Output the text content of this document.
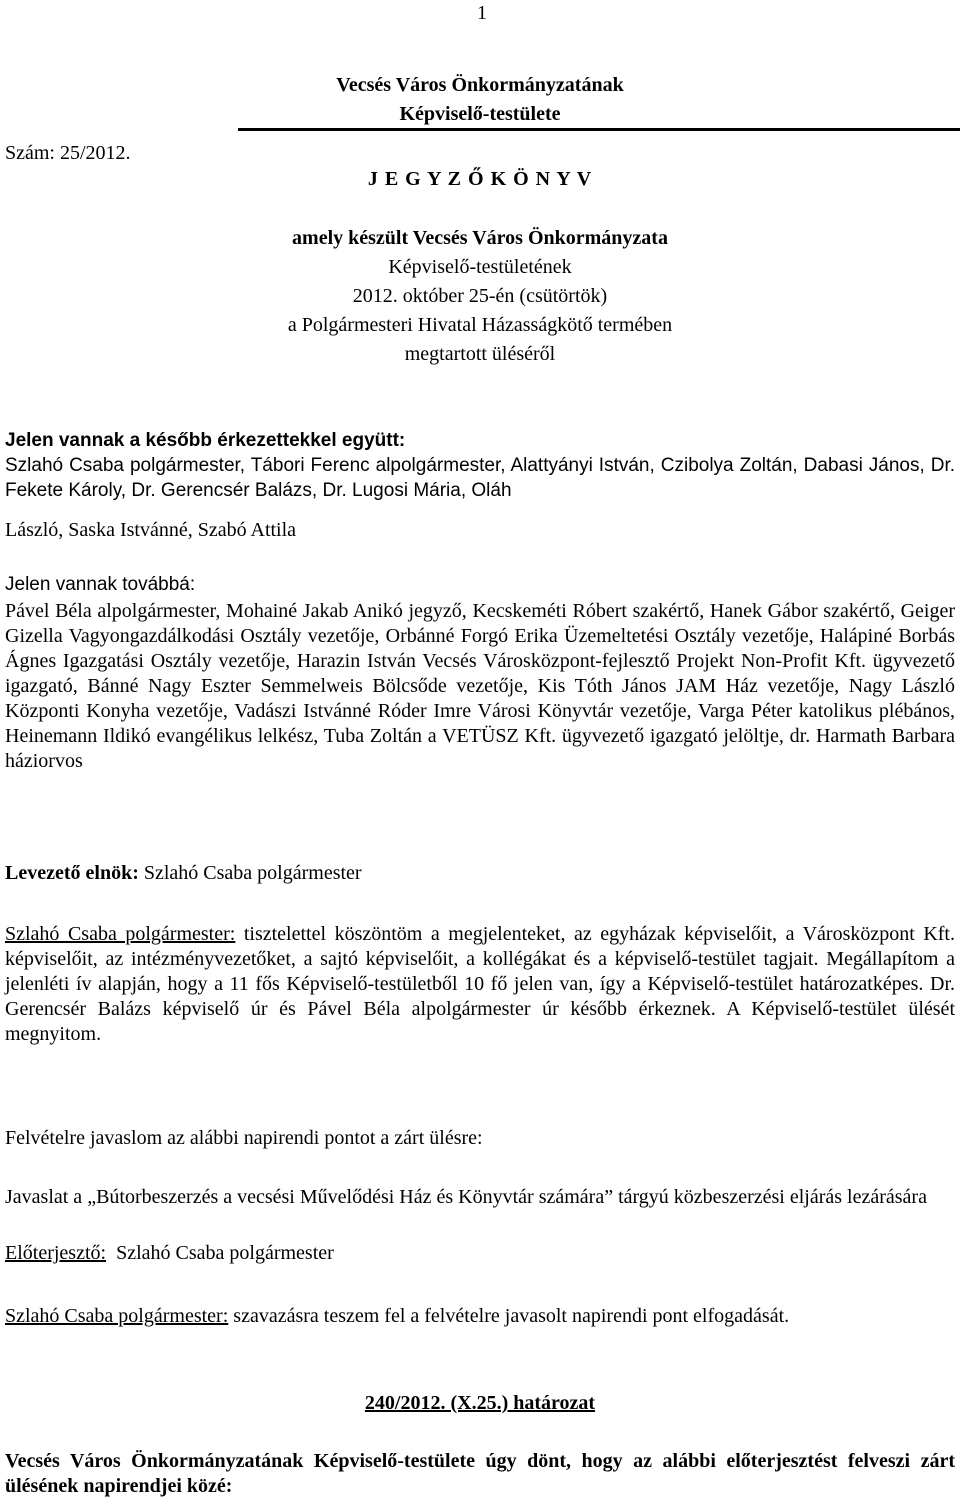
1
Vecsés Város Önkormányzatának
Képviselő-testülete
Szám: 25/2012.
J E G Y Z Ő K Ö N Y V
amely készült Vecsés Város Önkormányzata
Képviselő-testületének
2012. október 25-én (csütörtök)
a Polgármesteri Hivatal Házasságkötő termében
megtartott üléséről

Jelen vannak a később érkezettekkel együtt:

Szlahó Csaba polgármester, Tábori Ferenc alpolgármester, Alattyányi István, Czibolya Zoltán, Dabasi János, Dr. Fekete Károly, Dr. Gerencsér Balázs, Dr. Lugosi Mária, Oláh

László, Saska Istvánné, Szabó Attila
Jelen vannak továbbá:
Pável Béla alpolgármester, Mohainé Jakab Anikó jegyző, Kecskeméti Róbert szakértő, Hanek Gábor szakértő, Geiger Gizella Vagyongazdálkodási Osztály vezetője, Orbánné Forgó Erika Üzemeltetési Osztály vezetője, Halápiné Borbás Ágnes Igazgatási Osztály vezetője, Harazin István Vecsés Városközpont-fejlesztő Projekt Non-Profit Kft. ügyvezető igazgató, Bánné Nagy Eszter Semmelweis Bölcsőde vezetője, Kis Tóth János JAM Ház vezetője, Nagy László Központi Konyha vezetője, Vadászi Istvánné Róder Imre Városi Könyvtár vezetője, Varga Péter katolikus plébános, Heinemann Ildikó evangélikus lelkész, Tuba Zoltán a VETÜSZ Kft. ügyvezető igazgató jelöltje, dr. Harmath Barbara háziorvos
Levezető elnök: Szlahó Csaba polgármester
Szlahó Csaba polgármester: tisztelettel köszöntöm a megjelenteket, az egyházak képviselőit, a Városközpont Kft. képviselőit, az intézményvezetőket, a sajtó képviselőit, a kollégákat és a képviselő-testület tagjait. Megállapítom a jelenléti ív alapján, hogy a 11 fős Képviselő-testületből 10 fő jelen van, így a Képviselő-testület határozatképes. Dr. Gerencsér Balázs képviselő úr és Pável Béla alpolgármester úr később érkeznek. A Képviselő-testület ülését megnyitom.
Felvételre javaslom az alábbi napirendi pontot a zárt ülésre:
Javaslat a „Bútorbeszerzés a vecsési Művelődési Ház és Könyvtár számára” tárgyú közbeszerzési eljárás lezárására
Előterjesztő:  Szlahó Csaba polgármester
Szlahó Csaba polgármester: szavazásra teszem fel a felvételre javasolt napirendi pont elfogadását.
240/2012. (X.25.) határozat
Vecsés Város Önkormányzatának Képviselő-testülete úgy dönt, hogy az alábbi előterjesztést felveszi zárt ülésének napirendjei közé:
